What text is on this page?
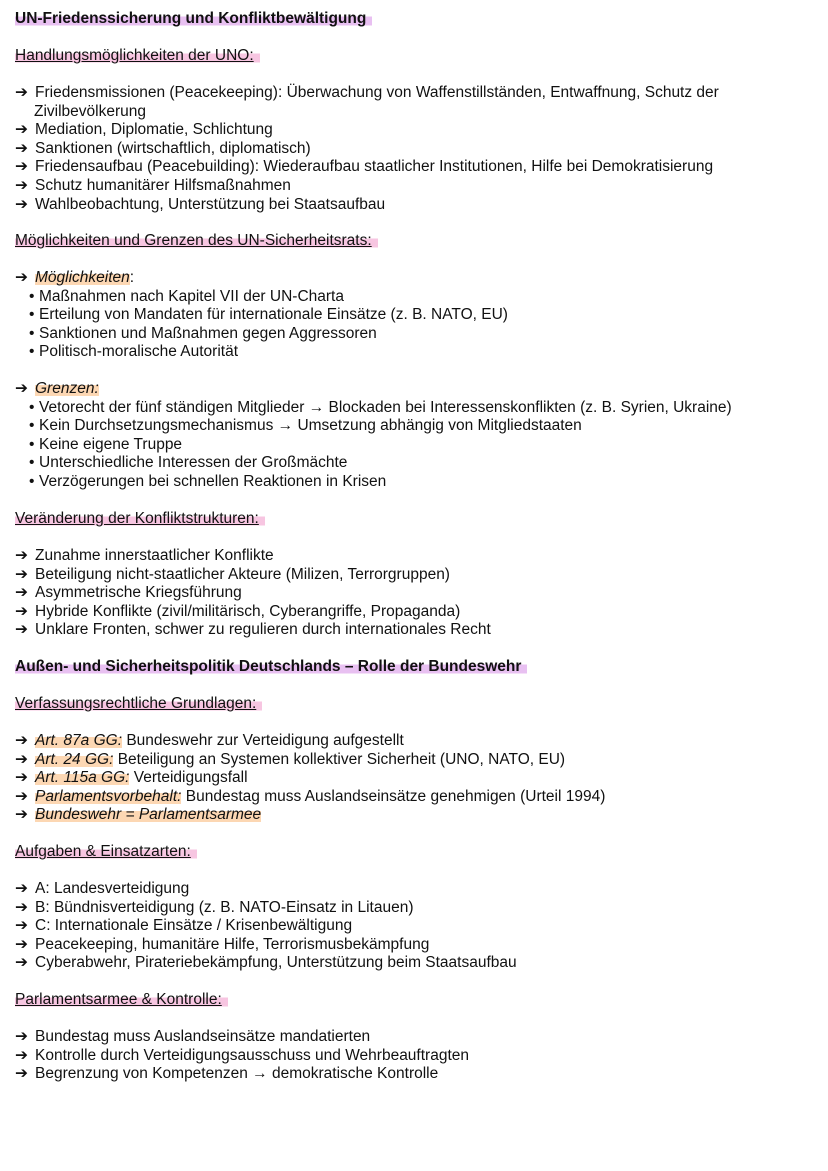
UN-Friedenssicherung und Konfliktbewältigung

Handlungsmöglichkeiten der UNO:

➔ Friedensmissionen (Peacekeeping): Überwachung von Waffenstillständen, Entwaffnung, Schutz der

Zivilbevölkerung

➔ Mediation, Diplomatie, Schlichtung

➔ Sanktionen (wirtschaftlich, diplomatisch)

➔ Friedensaufbau (Peacebuilding): Wiederaufbau staatlicher Institutionen, Hilfe bei Demokratisierung

➔ Schutz humanitärer Hilfsmaßnahmen

➔ Wahlbeobachtung, Unterstützung bei Staatsaufbau

Möglichkeiten und Grenzen des UN-Sicherheitsrats:

➔ Möglichkeiten:

• Maßnahmen nach Kapitel VII der UN-Charta

• Erteilung von Mandaten für internationale Einsätze (z. B. NATO, EU)

• Sanktionen und Maßnahmen gegen Aggressoren

• Politisch-moralische Autorität

➔ Grenzen:

• Vetorecht der fünf ständigen Mitglieder → Blockaden bei Interessenskonflikten (z. B. Syrien, Ukraine)

• Kein Durchsetzungsmechanismus → Umsetzung abhängig von Mitgliedstaaten

• Keine eigene Truppe

• Unterschiedliche Interessen der Großmächte

• Verzögerungen bei schnellen Reaktionen in Krisen

Veränderung der Konfliktstrukturen:

➔ Zunahme innerstaatlicher Konflikte

➔ Beteiligung nicht-staatlicher Akteure (Milizen, Terrorgruppen)

➔ Asymmetrische Kriegsführung

➔ Hybride Konflikte (zivil/militärisch, Cyberangriffe, Propaganda)

➔ Unklare Fronten, schwer zu regulieren durch internationales Recht

Außen- und Sicherheitspolitik Deutschlands – Rolle der Bundeswehr

Verfassungsrechtliche Grundlagen:

➔ Art. 87a GG: Bundeswehr zur Verteidigung aufgestellt

➔ Art. 24 GG: Beteiligung an Systemen kollektiver Sicherheit (UNO, NATO, EU)

➔ Art. 115a GG: Verteidigungsfall

➔ Parlamentsvorbehalt: Bundestag muss Auslandseinsätze genehmigen (Urteil 1994)

➔ Bundeswehr = Parlamentsarmee

Aufgaben & Einsatzarten:

➔ A: Landesverteidigung

➔ B: Bündnisverteidigung (z. B. NATO-Einsatz in Litauen)

➔ C: Internationale Einsätze / Krisenbewältigung

➔ Peacekeeping, humanitäre Hilfe, Terrorismusbekämpfung

➔ Cyberabwehr, Pirateriebekämpfung, Unterstützung beim Staatsaufbau

Parlamentsarmee & Kontrolle:

➔ Bundestag muss Auslandseinsätze mandatierten

➔ Kontrolle durch Verteidigungsausschuss und Wehrbeauftragten

➔ Begrenzung von Kompetenzen → demokratische Kontrolle
